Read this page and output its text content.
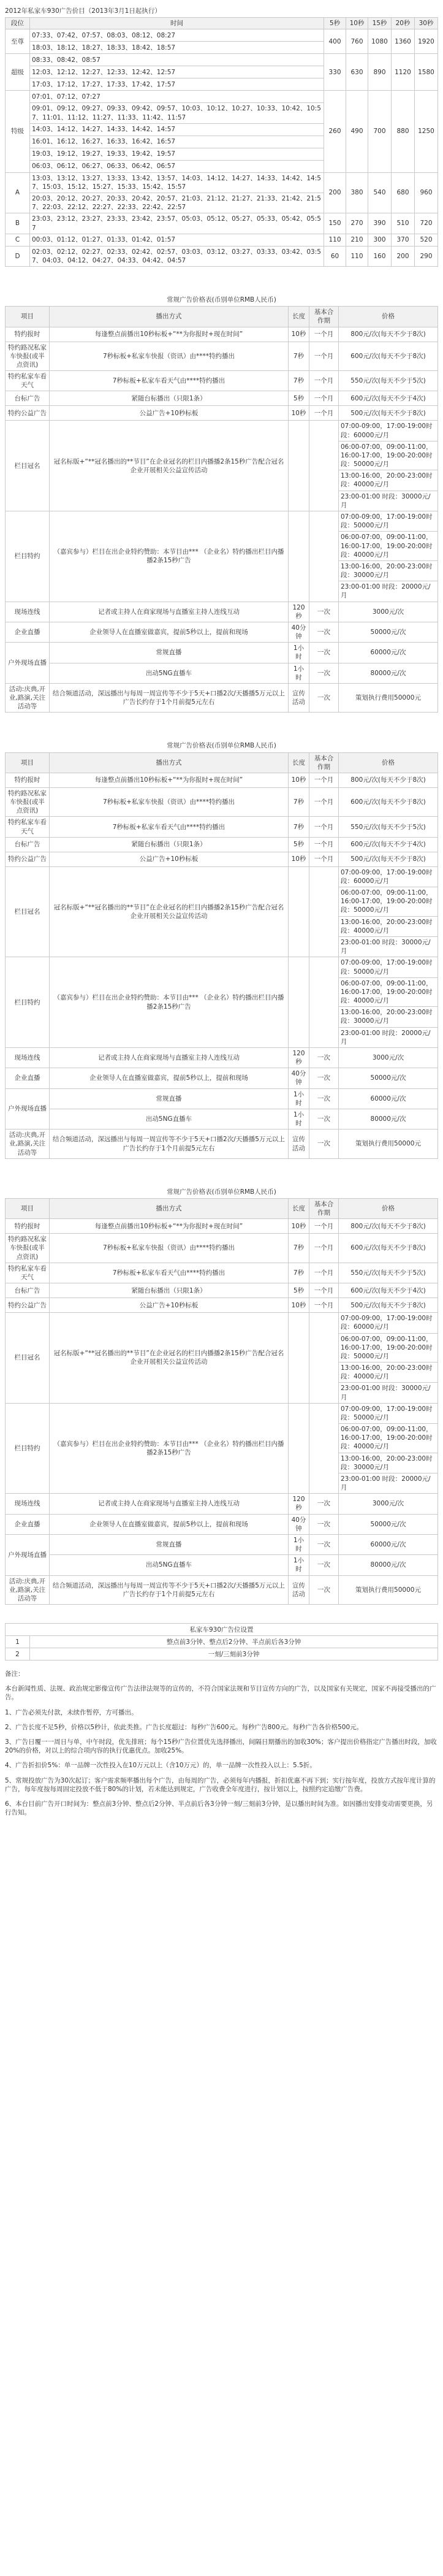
2012年私家车930广告价目（2013年3月1日起执行）
段位	时间	5秒	10秒	15秒	20秒	30秒
至尊	07:33、07:42、07:57、08:03、08:12、08:27	400	760	1080	1360	1920
	18:03、18:12、18:27、18:33、18:42、18:57					
超级	08:33、08:42、08:57	330	630	890	1120	1580
	12:03、12:12、12:27、12:33、12:42、12:57					
	17:03、17:12、17:27、17:33、17:42、17:57					
特级	07:01、07:12、07:27	260	490	700	880	1250
	09:01、09:12、09:27、09:33、09:42、09:57、10:03、10:12、10:27、10:33、10:42、10:57、11:01、11:12、11:27、11:33、11:42、11:57					
	14:03、14:12、14:27、14:33、14:42、14:57					
	16:01、16:12、16:27、16:33、16:42、16:57					
	19:03、19:12、19:27、19:33、19:42、19:57					
	06:03、06:12、06:27、06:33、06:42、06:57					
A	13:03、13:12、13:27、13:33、13:42、13:57、14:03、14:12、14:27、14:33、14:42、14:57、15:03、15:12、15:27、15:33、15:42、15:57	200	380	540	680	960
	20:03、20:12、20:27、20:33、20:42、20:57、21:03、21:12、21:27、21:33、21:42、21:57、22:03、22:12、22:27、22:33、22:42、22:57					
B	23:03、23:12、23:27、23:33、23:42、23:57、05:03、05:12、05:27、05:33、05:42、05:57	150	270	390	510	720
C	00:03、01:12、01:27、01:33、01:42、01:57	110	210	300	370	520
D	02:03、02:12、02:27、02:33、02:42、02:57、03:03、03:12、03:27、03:33、03:42、03:57、04:03、04:12、04:27、04:33、04:42、04:57	60	110	160	200	290
常规广告价格表(币别单位RMB人民币)
项目	播出方式	长度	基本合作期	价格
特约报时	每逢整点前播出10秒标板+“**为你报时+现在时间”	10秒	一个月	800元/次(每天不少于8次)
特约路况私家车快报(或半点资讯)	7秒标板+私家车快报（资讯）由****特约播出	7秒	一个月	600元/次(每天不少于8次)
特约私家车看天气	7秒标板+私家车看天气由****特约播出	7秒	一个月	550元/次(每天不少于5次)
台标广告	紧随台标播出（只限1条）	5秒	一个月	600元/次(每天不少于4次)
特约公益广告	公益广告+10秒标板	10秒	一个月	500元/次(每天不少于8次)
栏目冠名	冠名标版+“**冠名播出的**节目”在企业冠名的栏目内播播2条15秒广告配合冠名企业开展相关公益宣传活动			07:00-09:00，17:00-19:00时段：60000元/月
				06:00-07:00，09:00-11:00，16:00-17:00，19:00-20:00时段：50000元/月
				13:00-16:00，20:00-23:00时段：40000元/月
				23:00-01:00 时段：30000元/月
栏目特约	（嘉宾参与）栏目在出企业特约赞助：本节目由*** （企业名）特约播出栏目内播播2条15秒广告			07:00-09:00，17:00-19:00时段：50000元/月
				06:00-07:00，09:00-11:00，16:00-17:00，19:00-20:00时段：40000元/月
				13:00-16:00，20:00-23:00时段：30000元/月
				23:00-01:00 时段：20000元/月
现场连线	记者或主持人在商家现场与直播室主持人连线互动	120秒	一次	3000元/次
企业直播	企业领导人在直播室做嘉宾，提前5秒以上，提前和现场	40分钟	一次	50000元/次
户外现场直播	常规直播	1小时	一次	60000元/次
	出动5NG直播车	1小时	一次	80000元/次
活动:庆典,开业,路演,关注活动等	结合频道活动，深远播出与每周一周宣传等不少于5天+口播2次/天播播5万元以上广告长约存于1个月前提5元左右	宣传活动	一次	策划执行费用50000元
常规广告价格表(币别单位RMB人民币)
项目	播出方式	长度	基本合作期	价格
特约报时	每逢整点前播出10秒标板+“**为你报时+现在时间”	10秒	一个月	800元/次(每天不少于8次)
特约路况私家车快报(或半点资讯)	7秒标板+私家车快报（资讯）由****特约播出	7秒	一个月	600元/次(每天不少于8次)
特约私家车看天气	7秒标板+私家车看天气由****特约播出	7秒	一个月	550元/次(每天不少于5次)
台标广告	紧随台标播出（只限1条）	5秒	一个月	600元/次(每天不少于4次)
特约公益广告	公益广告+10秒标板	10秒	一个月	500元/次(每天不少于8次)
栏目冠名	冠名标版+“**冠名播出的**节目”在企业冠名的栏目内播播2条15秒广告配合冠名企业开展相关公益宣传活动			07:00-09:00，17:00-19:00时段：60000元/月
				06:00-07:00，09:00-11:00，16:00-17:00，19:00-20:00时段：50000元/月
				13:00-16:00，20:00-23:00时段：40000元/月
				23:00-01:00 时段：30000元/月
栏目特约	（嘉宾参与）栏目在出企业特约赞助：本节目由*** （企业名）特约播出栏目内播播2条15秒广告			07:00-09:00，17:00-19:00时段：50000元/月
				06:00-07:00，09:00-11:00，16:00-17:00，19:00-20:00时段：40000元/月
				13:00-16:00，20:00-23:00时段：30000元/月
				23:00-01:00 时段：20000元/月
现场连线	记者或主持人在商家现场与直播室主持人连线互动	120秒	一次	3000元/次
企业直播	企业领导人在直播室做嘉宾，提前5秒以上，提前和现场	40分钟	一次	50000元/次
户外现场直播	常规直播	1小时	一次	60000元/次
	出动5NG直播车	1小时	一次	80000元/次
活动:庆典,开业,路演,关注活动等	结合频道活动，深远播出与每周一周宣传等不少于5天+口播2次/天播播5万元以上广告长约存于1个月前提5元左右	宣传活动	一次	策划执行费用50000元
常规广告价格表(币别单位RMB人民币)
项目	播出方式	长度	基本合作期	价格
特约报时	每逢整点前播出10秒标板+“**为你报时+现在时间”	10秒	一个月	800元/次(每天不少于8次)
特约路况私家车快报(或半点资讯)	7秒标板+私家车快报（资讯）由****特约播出	7秒	一个月	600元/次(每天不少于8次)
特约私家车看天气	7秒标板+私家车看天气由****特约播出	7秒	一个月	550元/次(每天不少于5次)
台标广告	紧随台标播出（只限1条）	5秒	一个月	600元/次(每天不少于4次)
特约公益广告	公益广告+10秒标板	10秒	一个月	500元/次(每天不少于8次)
栏目冠名	冠名标版+“**冠名播出的**节目”在企业冠名的栏目内播播2条15秒广告配合冠名企业开展相关公益宣传活动			07:00-09:00，17:00-19:00时段：60000元/月
				06:00-07:00，09:00-11:00，16:00-17:00，19:00-20:00时段：50000元/月
				13:00-16:00，20:00-23:00时段：40000元/月
				23:00-01:00 时段：30000元/月
栏目特约	（嘉宾参与）栏目在出企业特约赞助：本节目由*** （企业名）特约播出栏目内播播2条15秒广告			07:00-09:00，17:00-19:00时段：50000元/月
				06:00-07:00，09:00-11:00，16:00-17:00，19:00-20:00时段：40000元/月
				13:00-16:00，20:00-23:00时段：30000元/月
				23:00-01:00 时段：20000元/月
现场连线	记者或主持人在商家现场与直播室主持人连线互动	120秒	一次	3000元/次
企业直播	企业领导人在直播室做嘉宾，提前5秒以上，提前和现场	40分钟	一次	50000元/次
户外现场直播	常规直播	1小时	一次	60000元/次
	出动5NG直播车	1小时	一次	80000元/次
活动:庆典,开业,路演,关注活动等	结合频道活动，深远播出与每周一周宣传等不少于5天+口播2次/天播播5万元以上广告长约存于1个月前提5元左右	宣传活动	一次	策划执行费用50000元
私家车930广告位设置	
1	整点前3分钟、整点后2分钟、半点前后各3分钟
2	一刻/三刻前3分钟

备注：

本台新闻性质、法规、政治规定影像宣传广告法律法规等的宣传的，不符合国家法规和节目宣传方向的广告，以及国家有关规定，国家不再接受播出的广告。

1、广告必须先付款，未续作暂停，方可播出。

2、广告长度不足5秒，价格以5秒计，依此类推。广告长度超过：每秒广告600元。每秒广告800元。每秒广告各价格500元。

3、广告日覆一一周日与单，中午时段，优先排班；每个15秒广告位置优先选择播出，间隔日期播出的加收30%；客户提出价格指定广告播出时段，加收20%的价格，对以上的综合项内容的执行优惠优点。加收25%。

4、广告折扣价5%：单一品牌一次性投入在10万元以上（含10万元）的，单一品牌一次性投入以上：5.5折。

5、常规投放广告为30次起订；客户需求频率播出每个广告，由每周的广告，必须每年内播报，折扣优惠不再下到；实行按年度，投放方式按年度计算的广告，每年度按每周固定投放不低于80%的计划，若未能达到规定，广告收费全年度进行，按计划以上，按照约定追缴广告费。

6、本台目前广告开口时间为：整点前3分钟、整点后2分钟、半点前后各3分钟一刻/三刻前3分钟，是以播出时间为准。如因播出安排变动需要更换，另行告知。
